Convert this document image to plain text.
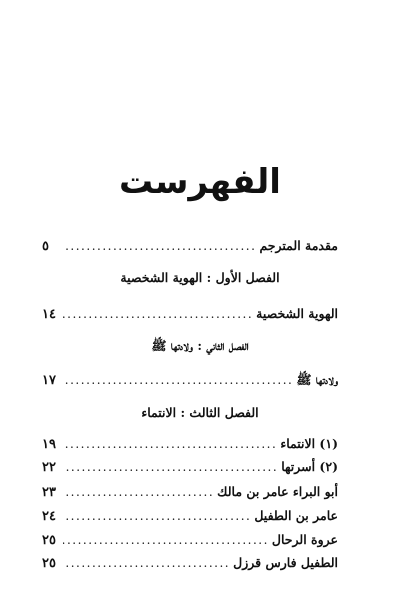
الفهرست
مقدمة المترجم
.....
٥
الفصل الأول : الهوية الشخصية
الهوية الشخصية
.....
١٤
الفصل الثاني : ولادتها ﷺ
ولادتها ﷺ
.....
١٧
الفصل الثالث : الانتماء
(١) الانتماء
.....
١٩
(٢) أسرتها
.....
٢٢
أبو البراء عامر بن مالك
.....
٢٣
عامر بن الطفيل
.....
٢٤
عروة الرحال
.....
٢٥
الطفيل فارس قرزل
.....
٢٥
